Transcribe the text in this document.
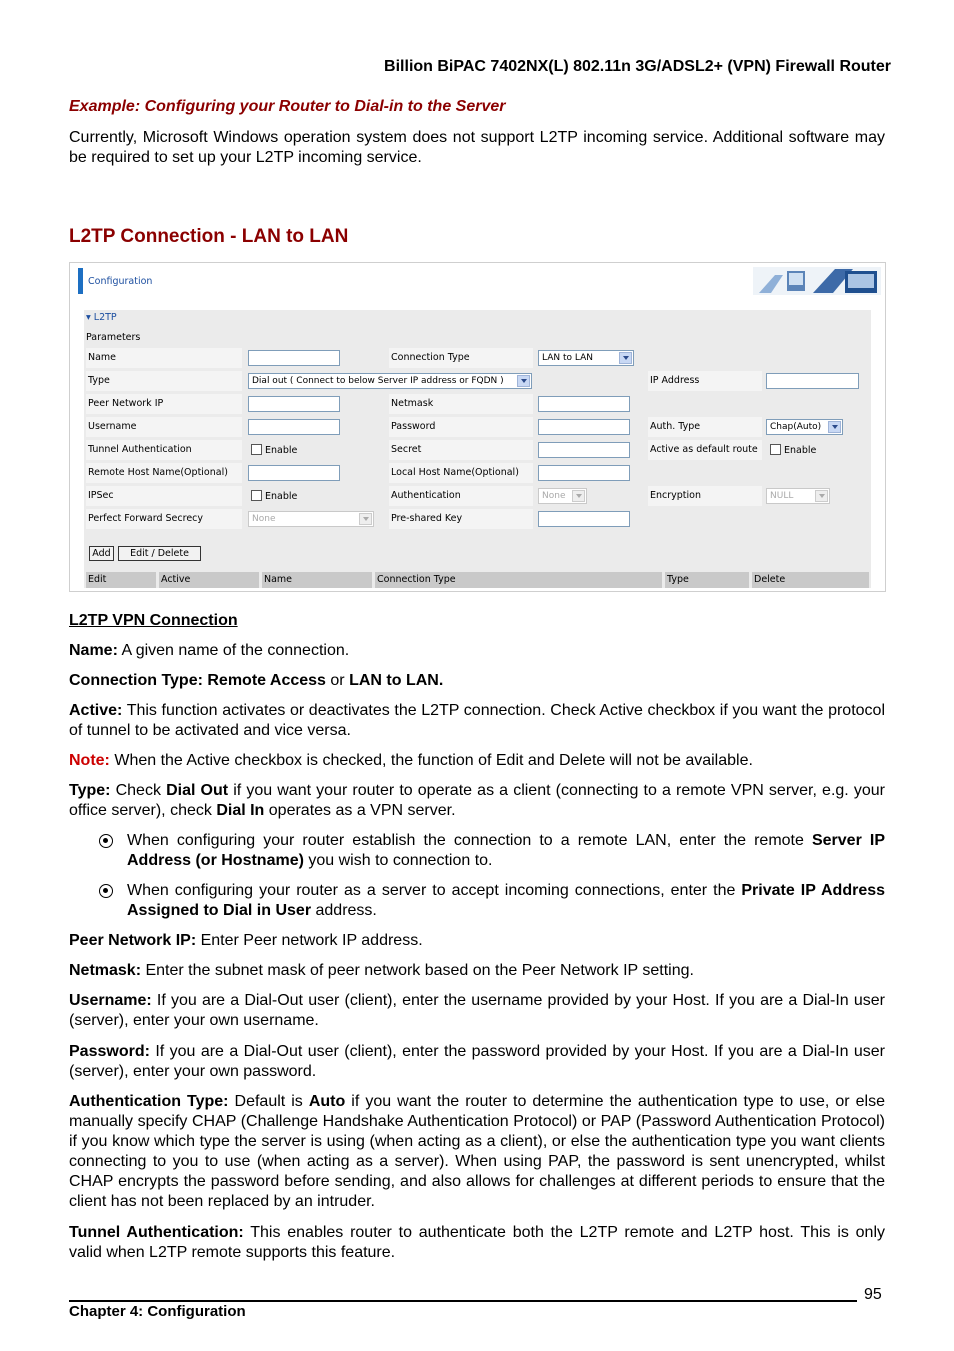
Billion BiPAC 7402NX(L) 802.11n 3G/ADSL2+ (VPN) Firewall Router
Example: Configuring your Router to Dial-in to the Server
Currently, Microsoft Windows operation system does not support L2TP incoming service. Additional software may be required to set up your L2TP incoming service.
L2TP Connection - LAN to LAN
Configuration
▾ L2TP
Parameters
Name	Connection Type	LAN to LAN
Type	Dial out ( Connect to below Server IP address or FQDN )	IP Address
Peer Network IP	Netmask
Username	Password	Auth. Type	Chap(Auto)
Tunnel Authentication	Enable	Secret	Active as default route	Enable
Remote Host Name(Optional)	Local Host Name(Optional)
IPSec	Enable	Authentication	None	Encryption	NULL
Perfect Forward Secrecy	None	Pre-shared Key
Add	Edit / Delete
Edit	Active	Name	Connection Type	Type	Delete
L2TP VPN Connection
Name: A given name of the connection.
Connection Type: Remote Access or LAN to LAN.
Active: This function activates or deactivates the L2TP connection. Check Active checkbox if you want the protocol of tunnel to be activated and vice versa.
Note: When the Active checkbox is checked, the function of Edit and Delete will not be available.
Type: Check Dial Out if you want your router to operate as a client (connecting to a remote VPN server, e.g. your office server), check Dial In operates as a VPN server.
When configuring your router establish the connection to a remote LAN, enter the remote Server IP Address (or Hostname) you wish to connection to.
When configuring your router as a server to accept incoming connections, enter the Private IP Address Assigned to Dial in User address.
Peer Network IP: Enter Peer network IP address.
Netmask: Enter the subnet mask of peer network based on the Peer Network IP setting.
Username: If you are a Dial-Out user (client), enter the username provided by your Host. If you are a Dial-In user (server), enter your own username.
Password: If you are a Dial-Out user (client), enter the password provided by your Host. If you are a Dial-In user (server), enter your own password.
Authentication Type: Default is Auto if you want the router to determine the authentication type to use, or else manually specify CHAP (Challenge Handshake Authentication Protocol) or PAP (Password Authentication Protocol) if you know which type the server is using (when acting as a client), or else the authentication type you want clients connecting to you to use (when acting as a server). When using PAP, the password is sent unencrypted, whilst CHAP encrypts the password before sending, and also allows for challenges at different periods to ensure that the client has not been replaced by an intruder.
Tunnel Authentication: This enables router to authenticate both the L2TP remote and L2TP host. This is only valid when L2TP remote supports this feature.
95
Chapter 4: Configuration
